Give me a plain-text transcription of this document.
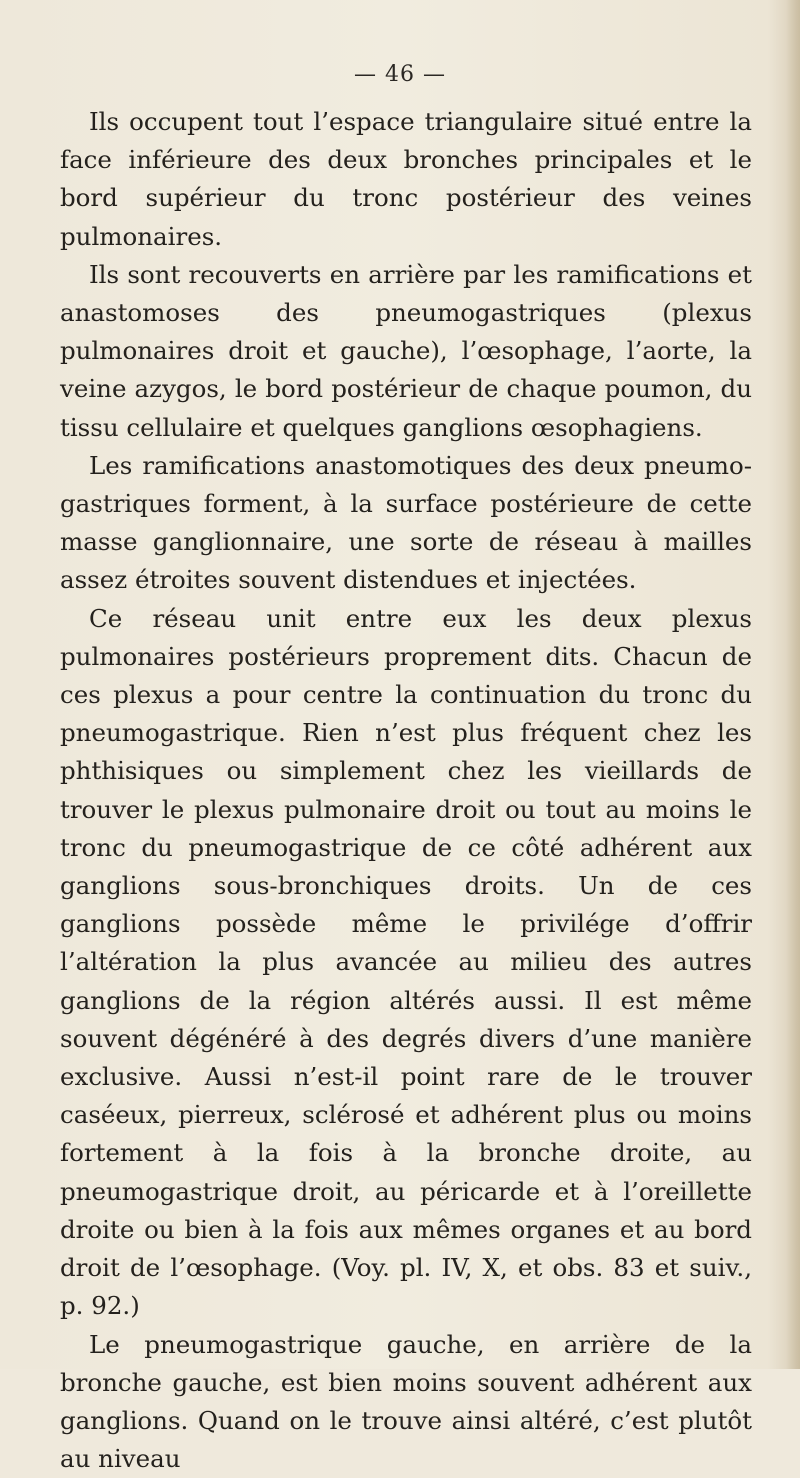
— 46 —

Ils occupent tout l’espace triangulaire situé entre la face inférieure des deux bronches principales et le bord supérieur du tronc postérieur des veines pulmonaires.

Ils sont recouverts en arrière par les ramifications et anastomoses des pneumogastriques (plexus pulmonaires droit et gauche), l’œsophage, l’aorte, la veine azygos, le bord postérieur de chaque poumon, du tissu cellulaire et quelques ganglions œsophagiens.

Les ramifications anastomotiques des deux pneumo-gastriques forment, à la surface postérieure de cette masse ganglionnaire, une sorte de réseau à mailles assez étroites souvent distendues et injectées.

Ce réseau unit entre eux les deux plexus pulmonaires postérieurs proprement dits. Chacun de ces plexus a pour centre la continuation du tronc du pneumogastrique. Rien n’est plus fréquent chez les phthisiques ou simplement chez les vieillards de trouver le plexus pulmonaire droit ou tout au moins le tronc du pneumogastrique de ce côté adhérent aux ganglions sous-bronchiques droits. Un de ces ganglions possède même le privilége d’offrir l’altération la plus avancée au milieu des autres ganglions de la région altérés aussi. Il est même souvent dégénéré à des degrés divers d’une manière exclusive. Aussi n’est-il point rare de le trouver caséeux, pierreux, sclérosé et adhérent plus ou moins fortement à la fois à la bronche droite, au pneumogastrique droit, au péricarde et à l’oreillette droite ou bien à la fois aux mêmes organes et au bord droit de l’œsophage. (Voy. pl. IV, X, et obs. 83 et suiv., p. 92.)

Le pneumogastrique gauche, en arrière de la bronche gauche, est bien moins souvent adhérent aux ganglions. Quand on le trouve ainsi altéré, c’est plutôt au niveau
